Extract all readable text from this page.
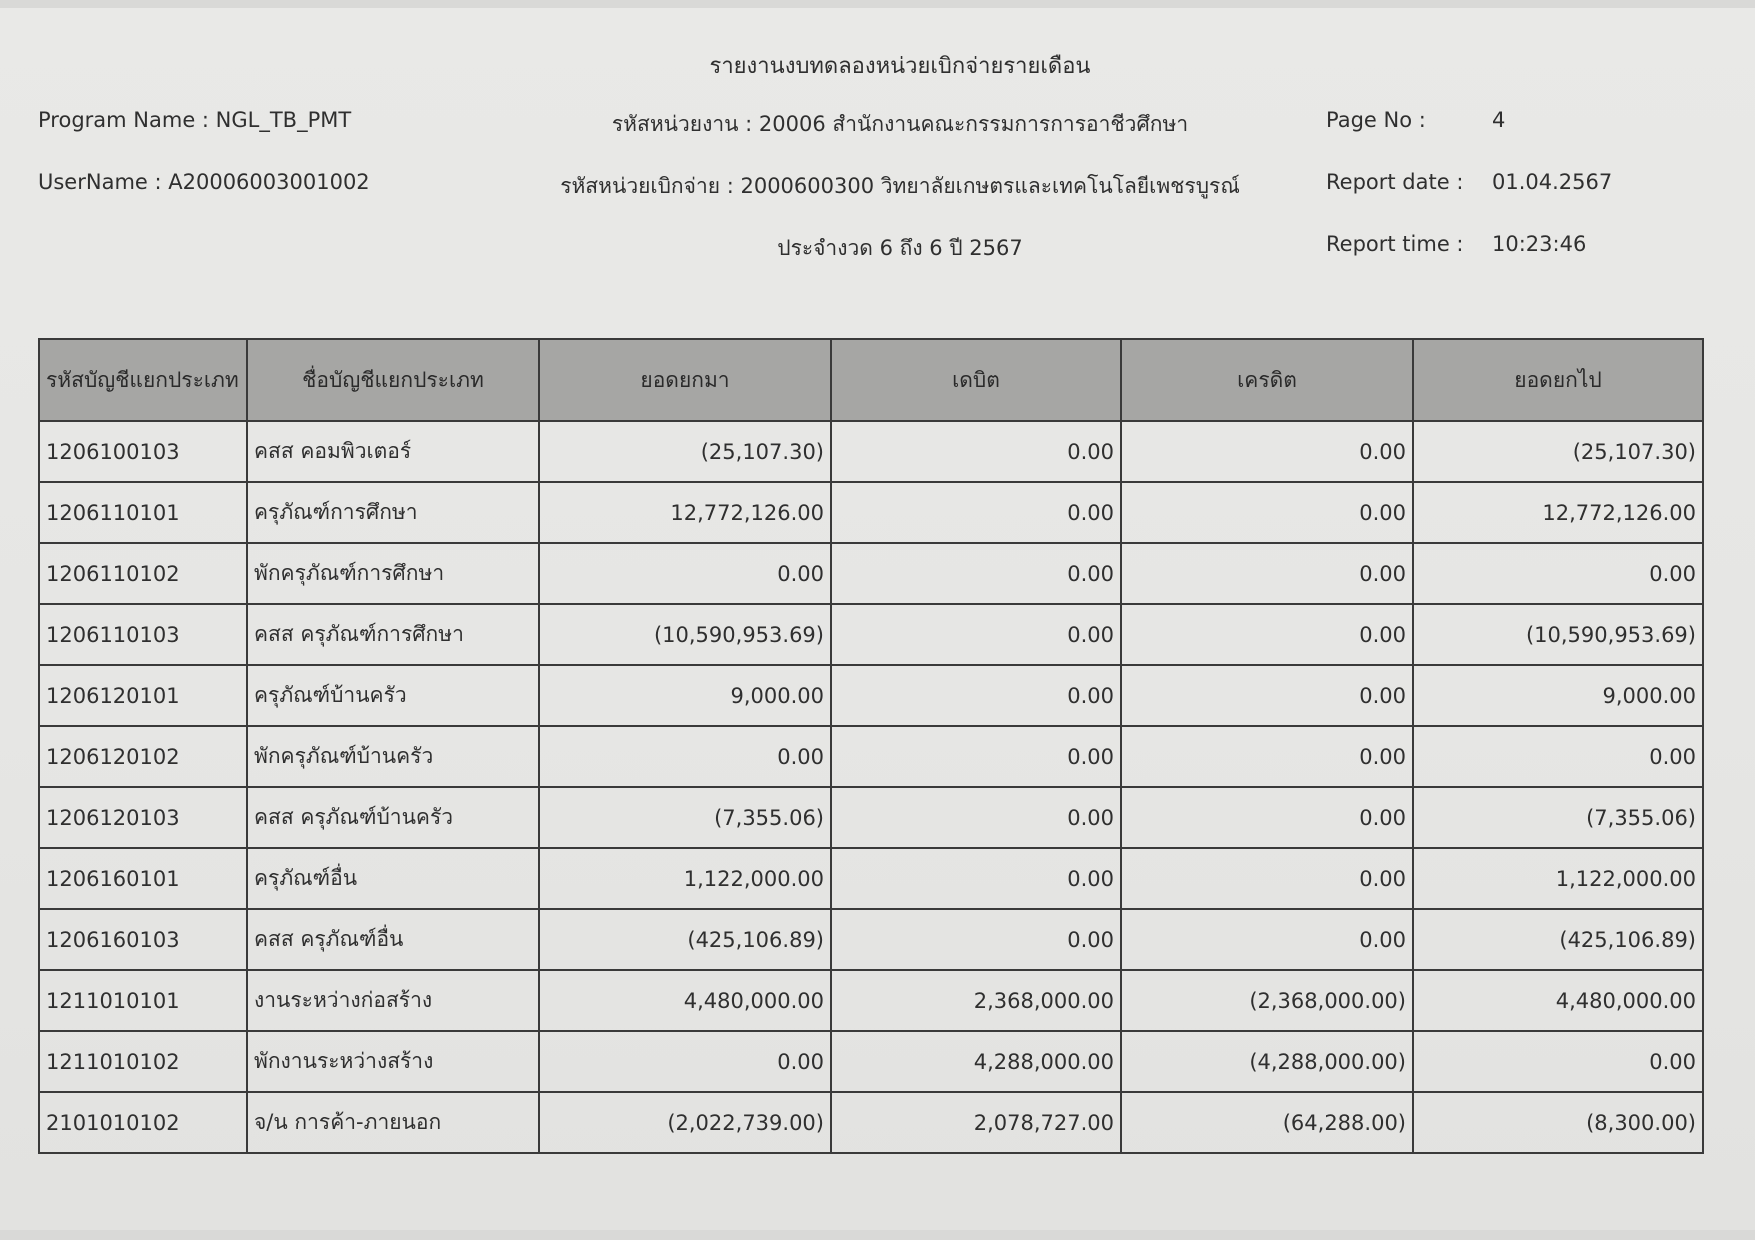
รายงานงบทดลองหน่วยเบิกจ่ายรายเดือน
Program Name : NGL_TB_PMT
UserName : A20006003001002
รหัสหน่วยงาน : 20006 สำนักงานคณะกรรมการการอาชีวศึกษา
รหัสหน่วยเบิกจ่าย : 2000600300 วิทยาลัยเกษตรและเทคโนโลยีเพชรบูรณ์
ประจำงวด 6 ถึง 6 ปี 2567
Page No :	4
Report date : 01.04.2567
Report time : 10:23:46
รหัสบัญชีแยกประเภท	ชื่อบัญชีแยกประเภท	ยอดยกมา	เดบิต	เครดิต	ยอดยกไป
1206100103	คสส คอมพิวเตอร์	(25,107.30)	0.00	0.00	(25,107.30)
1206110101	ครุภัณฑ์การศึกษา	12,772,126.00	0.00	0.00	12,772,126.00
1206110102	พักครุภัณฑ์การศึกษา	0.00	0.00	0.00	0.00
1206110103	คสส ครุภัณฑ์การศึกษา	(10,590,953.69)	0.00	0.00	(10,590,953.69)
1206120101	ครุภัณฑ์บ้านครัว	9,000.00	0.00	0.00	9,000.00
1206120102	พักครุภัณฑ์บ้านครัว	0.00	0.00	0.00	0.00
1206120103	คสส ครุภัณฑ์บ้านครัว	(7,355.06)	0.00	0.00	(7,355.06)
1206160101	ครุภัณฑ์อื่น	1,122,000.00	0.00	0.00	1,122,000.00
1206160103	คสส ครุภัณฑ์อื่น	(425,106.89)	0.00	0.00	(425,106.89)
1211010101	งานระหว่างก่อสร้าง	4,480,000.00	2,368,000.00	(2,368,000.00)	4,480,000.00
1211010102	พักงานระหว่างสร้าง	0.00	4,288,000.00	(4,288,000.00)	0.00
2101010102	จ/น การค้า-ภายนอก	(2,022,739.00)	2,078,727.00	(64,288.00)	(8,300.00)
